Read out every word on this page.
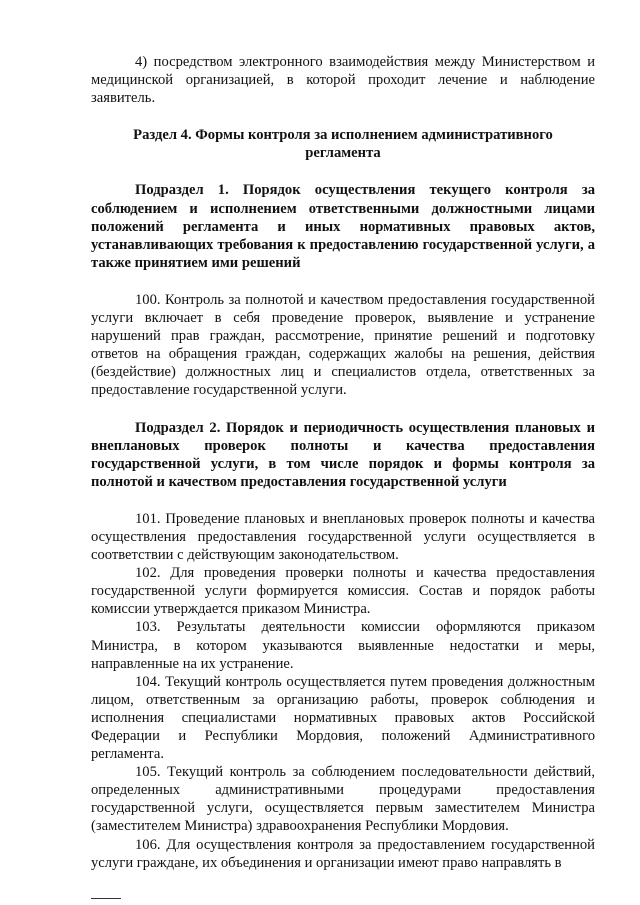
4) посредством электронного взаимодействия между Министерством и медицинской организацией, в которой проходит лечение и наблюдение заявитель.

Раздел 4. Формы контроля за исполнением административного регламента

Подраздел 1. Порядок осуществления текущего контроля за соблюдением и исполнением ответственными должностными лицами положений регламента и иных нормативных правовых актов, устанавливающих требования к предоставлению государственной услуги, а также принятием ими решений

100. Контроль за полнотой и качеством предоставления государственной услуги включает в себя проведение проверок, выявление и устранение нарушений прав граждан, рассмотрение, принятие решений и подготовку ответов на обращения граждан, содержащих жалобы на решения, действия (бездействие) должностных лиц и специалистов отдела, ответственных за предоставление государственной услуги.

Подраздел 2. Порядок и периодичность осуществления плановых и внеплановых проверок полноты и качества предоставления государственной услуги, в том числе порядок и формы контроля за полнотой и качеством предоставления государственной услуги

101. Проведение плановых и внеплановых проверок полноты и качества осуществления предоставления государственной услуги осуществляется в соответствии с действующим законодательством.

102. Для проведения проверки полноты и качества предоставления государственной услуги формируется комиссия. Состав и порядок работы комиссии утверждается приказом Министра.

103. Результаты деятельности комиссии оформляются приказом Министра, в котором указываются выявленные недостатки и меры, направленные на их устранение.

104. Текущий контроль осуществляется путем проведения должностным лицом, ответственным за организацию работы, проверок соблюдения и исполнения специалистами нормативных правовых актов Российской Федерации и Республики Мордовия, положений Административного регламента.

105. Текущий контроль за соблюдением последовательности действий, определенных административными процедурами предоставления государственной услуги, осуществляется первым заместителем Министра (заместителем Министра) здравоохранения Республики Мордовия.

106. Для осуществления контроля за предоставлением государственной услуги граждане, их объединения и организации имеют право направлять в
